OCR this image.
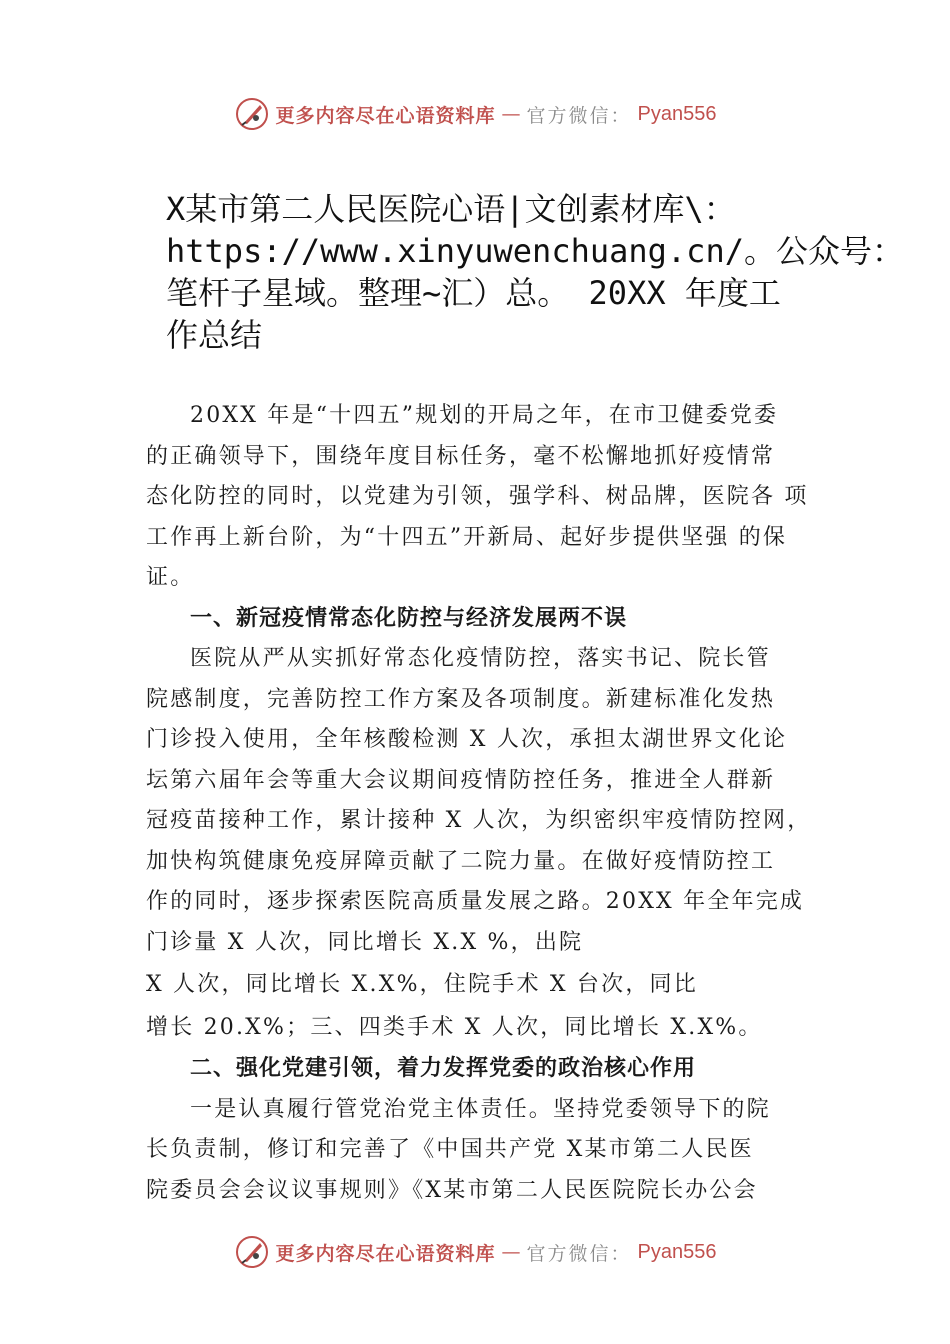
更多内容尽在心语资料库 — 官方微信： Pyan556
X某市第二人民医院心语|文创素材库\：
https://www.xinyuwenchuang.cn/。公众号：
笔杆子星域。整理~汇）总。 20XX 年度工
作总结

20XX 年是“十四五”规划的开局之年，在市卫健委党委
的正确领导下，围绕年度目标任务，毫不松懈地抓好疫情常
态化防控的同时，以党建为引领，强学科、树品牌，医院各 项
工作再上新台阶，为“十四五”开新局、起好步提供坚强 的保
证。

一、新冠疫情常态化防控与经济发展两不误

医院从严从实抓好常态化疫情防控，落实书记、院长管
院感制度，完善防控工作方案及各项制度。新建标准化发热
门诊投入使用，全年核酸检测 X 人次，承担太湖世界文化论
坛第六届年会等重大会议期间疫情防控任务，推进全人群新
冠疫苗接种工作，累计接种 X 人次，为织密织牢疫情防控网，
加快构筑健康免疫屏障贡献了二院力量。在做好疫情防控工
作的同时，逐步探索医院高质量发展之路。20XX 年全年完成
门诊量 X 人次，同比增长 X.X %，出院
X 人次，同比增长 X.X%，住院手术 X 台次，同比
增长 20.X%；三、四类手术 X 人次，同比增长 X.X%。

二、强化党建引领，着力发挥党委的政治核心作用

一是认真履行管党治党主体责任。坚持党委领导下的院
长负责制，修订和完善了《中国共产党 X某市第二人民医
院委员会会议议事规则》《X某市第二人民医院院长办公会

更多内容尽在心语资料库 — 官方微信： Pyan556
